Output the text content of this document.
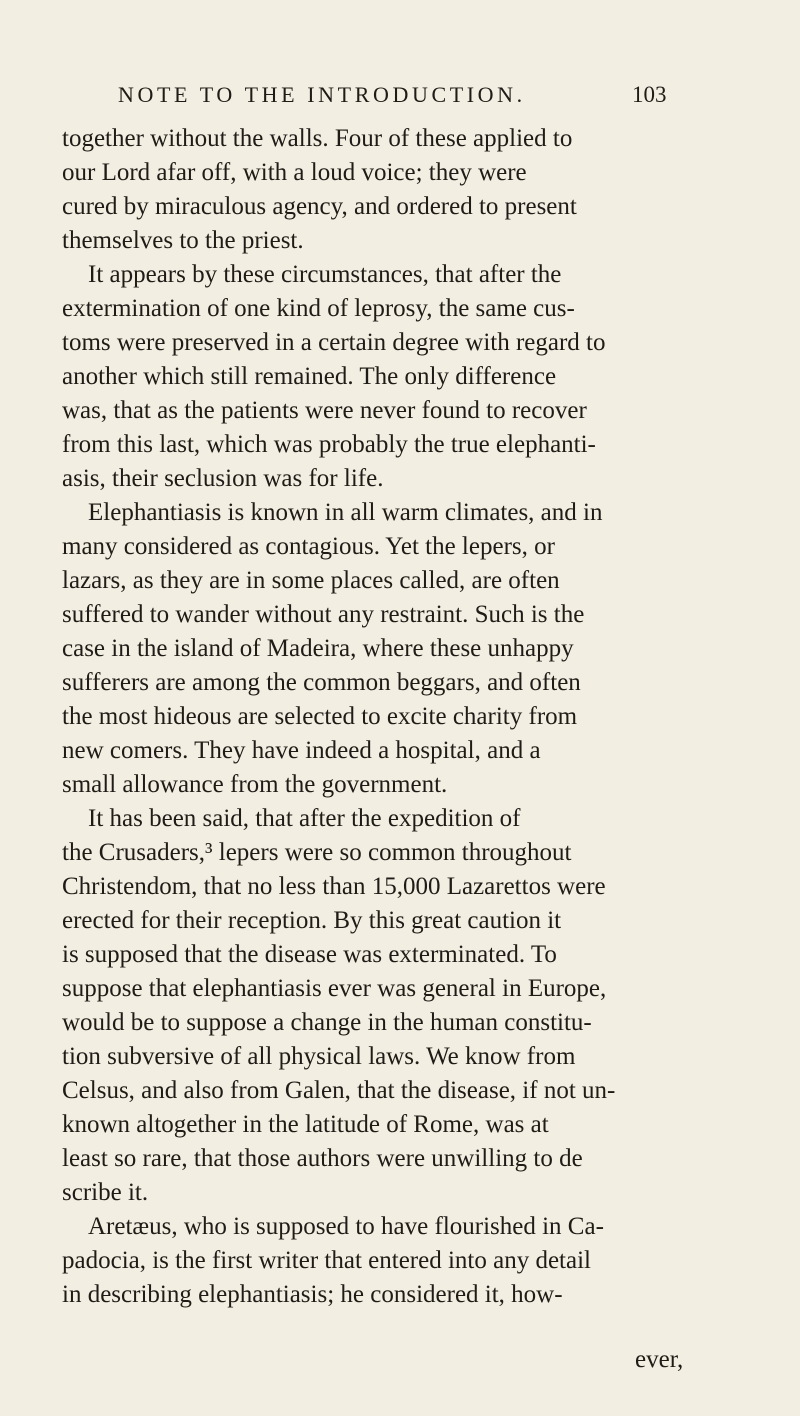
NOTE TO THE INTRODUCTION.	103
together without the walls. Four of these applied to
our Lord afar off, with a loud voice; they were
cured by miraculous agency, and ordered to present
themselves to the priest.
It appears by these circumstances, that after the
extermination of one kind of leprosy, the same cus-
toms were preserved in a certain degree with regard to
another which still remained. The only difference
was, that as the patients were never found to recover
from this last, which was probably the true elephanti-
asis, their seclusion was for life.
Elephantiasis is known in all warm climates, and in
many considered as contagious. Yet the lepers, or
lazars, as they are in some places called, are often
suffered to wander without any restraint. Such is the
case in the island of Madeira, where these unhappy
sufferers are among the common beggars, and often
the most hideous are selected to excite charity from
new comers. They have indeed a hospital, and a
small allowance from the government.
It has been said, that after the expedition of
the Crusaders,³ lepers were so common throughout
Christendom, that no less than 15,000 Lazarettos were
erected for their reception. By this great caution it
is supposed that the disease was exterminated. To
suppose that elephantiasis ever was general in Europe,
would be to suppose a change in the human constitu-
tion subversive of all physical laws. We know from
Celsus, and also from Galen, that the disease, if not un-
known altogether in the latitude of Rome, was at
least so rare, that those authors were unwilling to de
scribe it.
Aretæus, who is supposed to have flourished in Ca-
padocia, is the first writer that entered into any detail
in describing elephantiasis; he considered it, how-
ever,
